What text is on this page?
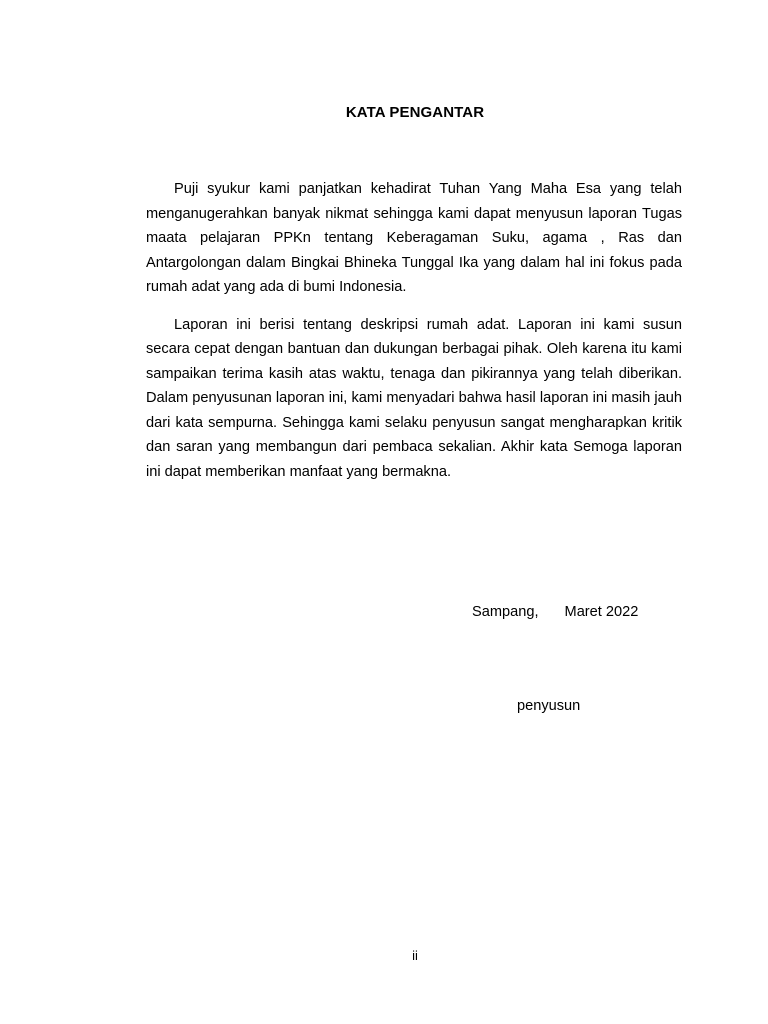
KATA PENGANTAR

Puji syukur kami panjatkan kehadirat Tuhan Yang Maha Esa yang telah menganugerahkan banyak nikmat sehingga kami dapat menyusun laporan Tugas maata pelajaran PPKn tentang Keberagaman Suku, agama , Ras dan Antargolongan dalam Bingkai Bhineka Tunggal Ika yang dalam hal ini fokus pada rumah adat yang ada di bumi Indonesia.

Laporan ini berisi tentang deskripsi rumah adat. Laporan ini kami susun secara cepat dengan bantuan dan dukungan berbagai pihak. Oleh karena itu kami sampaikan terima kasih atas waktu, tenaga dan pikirannya yang telah diberikan. Dalam penyusunan laporan ini, kami menyadari bahwa hasil laporan ini masih jauh dari kata sempurna. Sehingga kami selaku penyusun sangat mengharapkan kritik dan saran yang membangun dari pembaca sekalian. Akhir kata Semoga laporan ini dapat memberikan manfaat yang bermakna.

Sampang, Maret 2022
penyusun
ii
